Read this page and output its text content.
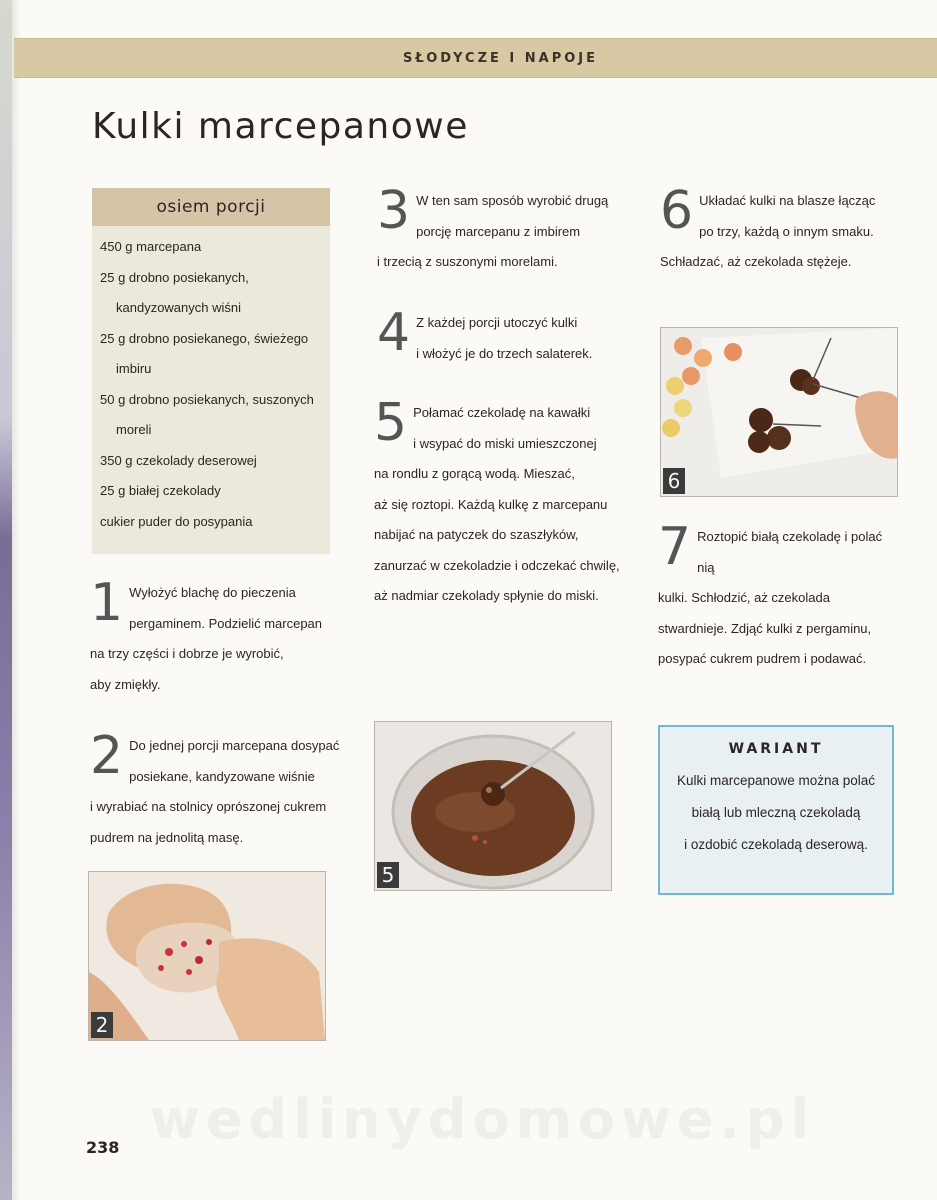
SŁODYCZE I NAPOJE
Kulki marcepanowe
osiem porcji
450 g marcepana
25 g drobno posiekanych,
kandyzowanych wiśni
25 g drobno posiekanego, świeżego
imbiru
50 g drobno posiekanych, suszonych
moreli
350 g czekolady deserowej
25 g białej czekolady
cukier puder do posypania
1 Wyłożyć blachę do pieczenia

pergaminem. Podzielić marcepan

na trzy części i dobrze je wyrobić,

aby zmiękły.

2 Do jednej porcji marcepana dosypać

posiekane, kandyzowane wiśnie

i wyrabiać na stolnicy oprószonej cukrem

pudrem na jednolitą masę.

2
3 W ten sam sposób wyrobić drugą

porcję marcepanu z imbirem

i trzecią z suszonymi morelami.

4 Z każdej porcji utoczyć kulki

i włożyć je do trzech salaterek.

5 Połamać czekoladę na kawałki

i wsypać do miski umieszczonej

na rondlu z gorącą wodą. Mieszać,

aż się roztopi. Każdą kulkę z marcepanu

nabijać na patyczek do szaszłyków,

zanurzać w czekoladzie i odczekać chwilę,

aż nadmiar czekolady spłynie do miski.

5
6 Układać kulki na blasze łącząc

po trzy, każdą o innym smaku.

Schładzać, aż czekolada stężeje.

6
7 Roztopić białą czekoladę i polać nią

kulki. Schłodzić, aż czekolada

stwardnieje. Zdjąć kulki z pergaminu,

posypać cukrem pudrem i podawać.

WARIANT
Kulki marcepanowe można polać
białą lub mleczną czekoladą
i ozdobić czekoladą deserową.
wedlinydomowe.pl
238
